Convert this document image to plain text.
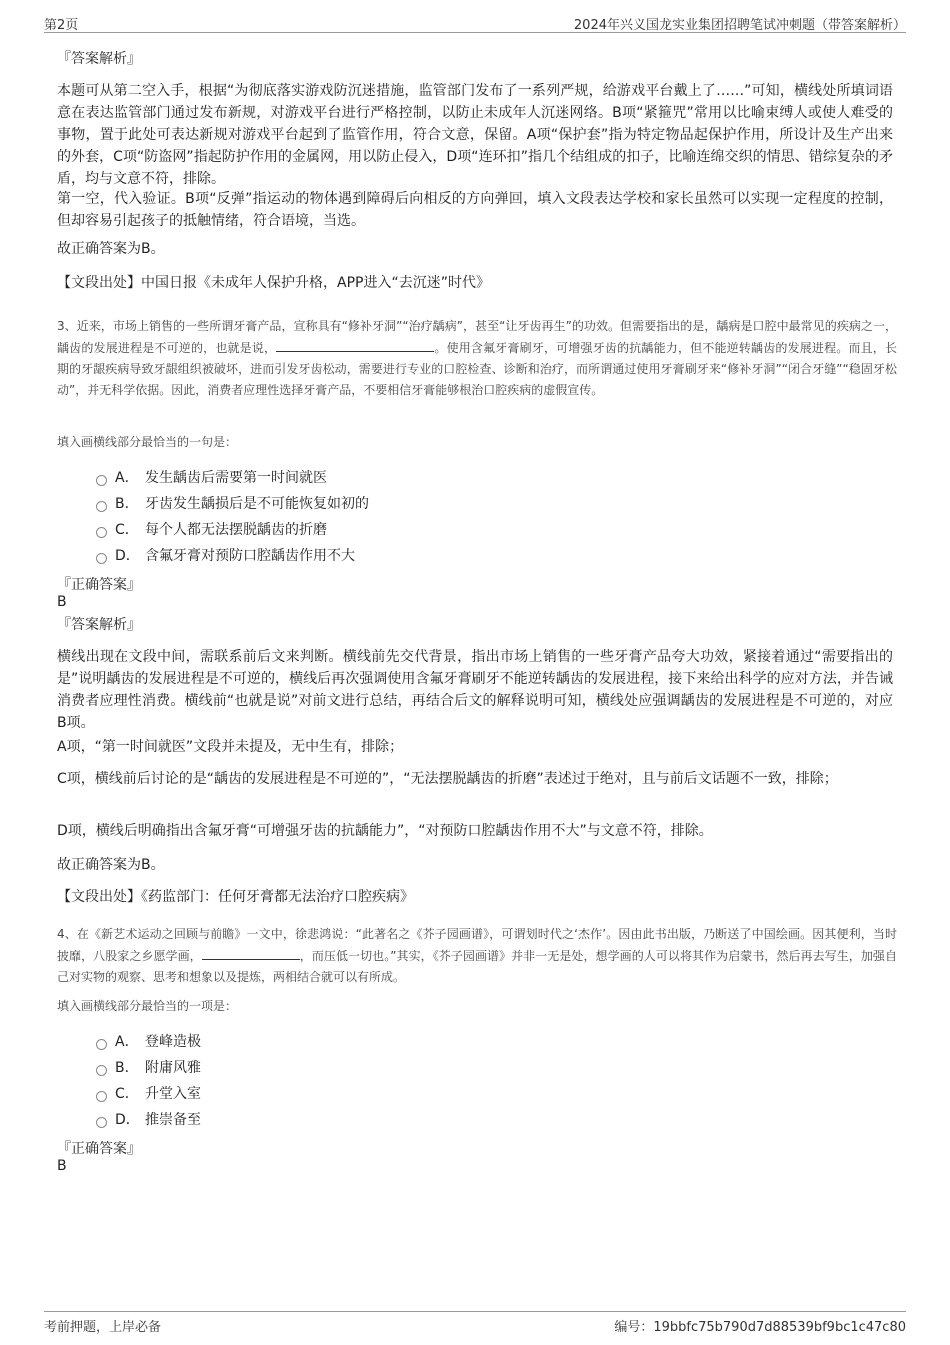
第2页	2024年兴义国龙实业集团招聘笔试冲刺题（带答案解析）
『答案解析』
本题可从第二空入手，根据“为彻底落实游戏防沉迷措施，监管部门发布了一系列严规，给游戏平台戴上了……”可知，横线处所填词语意在表达监管部门通过发布新规，对游戏平台进行严格控制，以防止未成年人沉迷网络。B项“紧箍咒”常用以比喻束缚人或使人难受的事物，置于此处可表达新规对游戏平台起到了监管作用，符合文意，保留。A项“保护套”指为特定物品起保护作用，所设计及生产出来的外套，C项“防盗网”指起防护作用的金属网，用以防止侵入，D项“连环扣”指几个结组成的扣子，比喻连绵交织的情思、错综复杂的矛盾，均与文意不符，排除。
第一空，代入验证。B项“反弹”指运动的物体遇到障碍后向相反的方向弹回，填入文段表达学校和家长虽然可以实现一定程度的控制，但却容易引起孩子的抵触情绪，符合语境，当选。
故正确答案为B。
【文段出处】中国日报《未成年人保护升格，APP进入“去沉迷”时代》
3、近来，市场上销售的一些所谓牙膏产品，宣称具有“修补牙洞”“治疗龋病”，甚至“让牙齿再生”的功效。但需要指出的是，龋病是口腔中最常见的疾病之一，龋齿的发展进程是不可逆的，也就是说，	。使用含氟牙膏刷牙，可增强牙齿的抗龋能力，但不能逆转龋齿的发展进程。而且，长期的牙龈疾病导致牙龈组织被破坏，进而引发牙齿松动，需要进行专业的口腔检查、诊断和治疗，而所谓通过使用牙膏刷牙来“修补牙洞”“闭合牙缝”“稳固牙松动”，并无科学依据。因此，消费者应理性选择牙膏产品，不要相信牙膏能够根治口腔疾病的虚假宣传。
填入画横线部分最恰当的一句是：
A． 发生龋齿后需要第一时间就医
B． 牙齿发生龋损后是不可能恢复如初的
C． 每个人都无法摆脱龋齿的折磨
D． 含氟牙膏对预防口腔龋齿作用不大
『正确答案』
B
『答案解析』
横线出现在文段中间，需联系前后文来判断。横线前先交代背景，指出市场上销售的一些牙膏产品夸大功效，紧接着通过“需要指出的是”说明龋齿的发展进程是不可逆的，横线后再次强调使用含氟牙膏刷牙不能逆转龋齿的发展进程，接下来给出科学的应对方法，并告诫消费者应理性消费。横线前“也就是说”对前文进行总结，再结合后文的解释说明可知，横线处应强调龋齿的发展进程是不可逆的，对应B项。
A项，“第一时间就医”文段并未提及，无中生有，排除；
C项，横线前后讨论的是“龋齿的发展进程是不可逆的”，“无法摆脱龋齿的折磨”表述过于绝对，且与前后文话题不一致，排除；
D项，横线后明确指出含氟牙膏“可增强牙齿的抗龋能力”，“对预防口腔龋齿作用不大”与文意不符，排除。
故正确答案为B。
【文段出处】《药监部门：任何牙膏都无法治疗口腔疾病》
4、在《新艺术运动之回顾与前瞻》一文中，徐悲鸿说：“此著名之《芥子园画谱》，可谓划时代之‘杰作’。因由此书出版，乃断送了中国绘画。因其便利，当时披靡，八股家之乡愿学画，	，而压低一切也。”其实，《芥子园画谱》并非一无是处，想学画的人可以将其作为启蒙书，然后再去写生，加强自己对实物的观察、思考和想象以及提炼，两相结合就可以有所成。
填入画横线部分最恰当的一项是：
A． 登峰造极
B． 附庸风雅
C． 升堂入室
D． 推崇备至
『正确答案』
B
考前押题，上岸必备	编号：19bbfc75b790d7d88539bf9bc1c47c80
